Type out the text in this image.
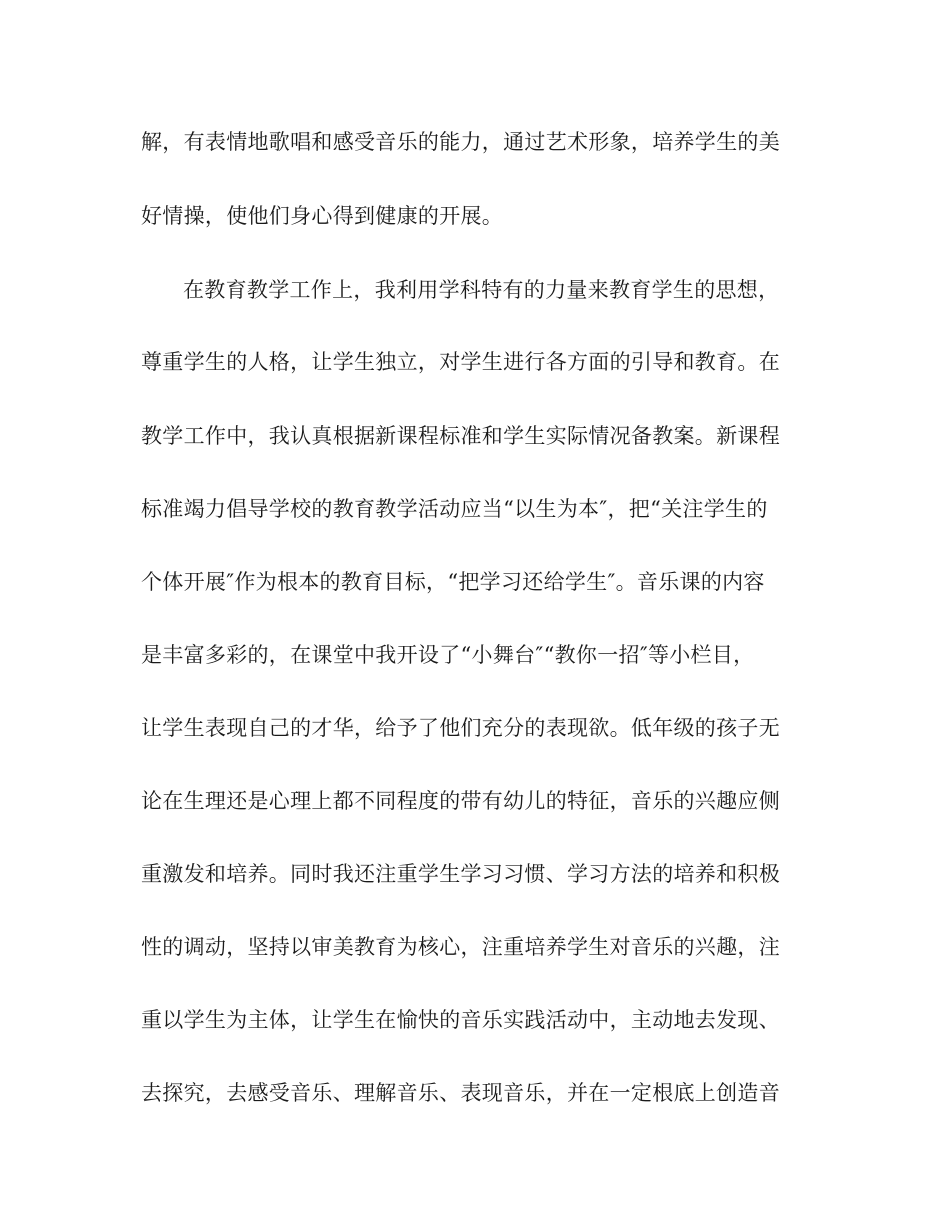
解，有表情地歌唱和感受音乐的能力，通过艺术形象，培养学生的美
好情操，使他们身心得到健康的开展。
在教育教学工作上，我利用学科特有的力量来教育学生的思想，
尊重学生的人格，让学生独立，对学生进行各方面的引导和教育。在
教学工作中，我认真根据新课程标准和学生实际情况备教案。新课程
标准竭力倡导学校的教育教学活动应当“以生为本″，把“关注学生的
个体开展″作为根本的教育目标，“把学习还给学生″。音乐课的内容
是丰富多彩的，在课堂中我开设了“小舞台″“教你一招″等小栏目，
让学生表现自己的才华，给予了他们充分的表现欲。低年级的孩子无
论在生理还是心理上都不同程度的带有幼儿的特征，音乐的兴趣应侧
重激发和培养。同时我还注重学生学习习惯、学习方法的培养和积极
性的调动，坚持以审美教育为核心，注重培养学生对音乐的兴趣，注
重以学生为主体，让学生在愉快的音乐实践活动中，主动地去发现、
去探究，去感受音乐、理解音乐、表现音乐，并在一定根底上创造音
